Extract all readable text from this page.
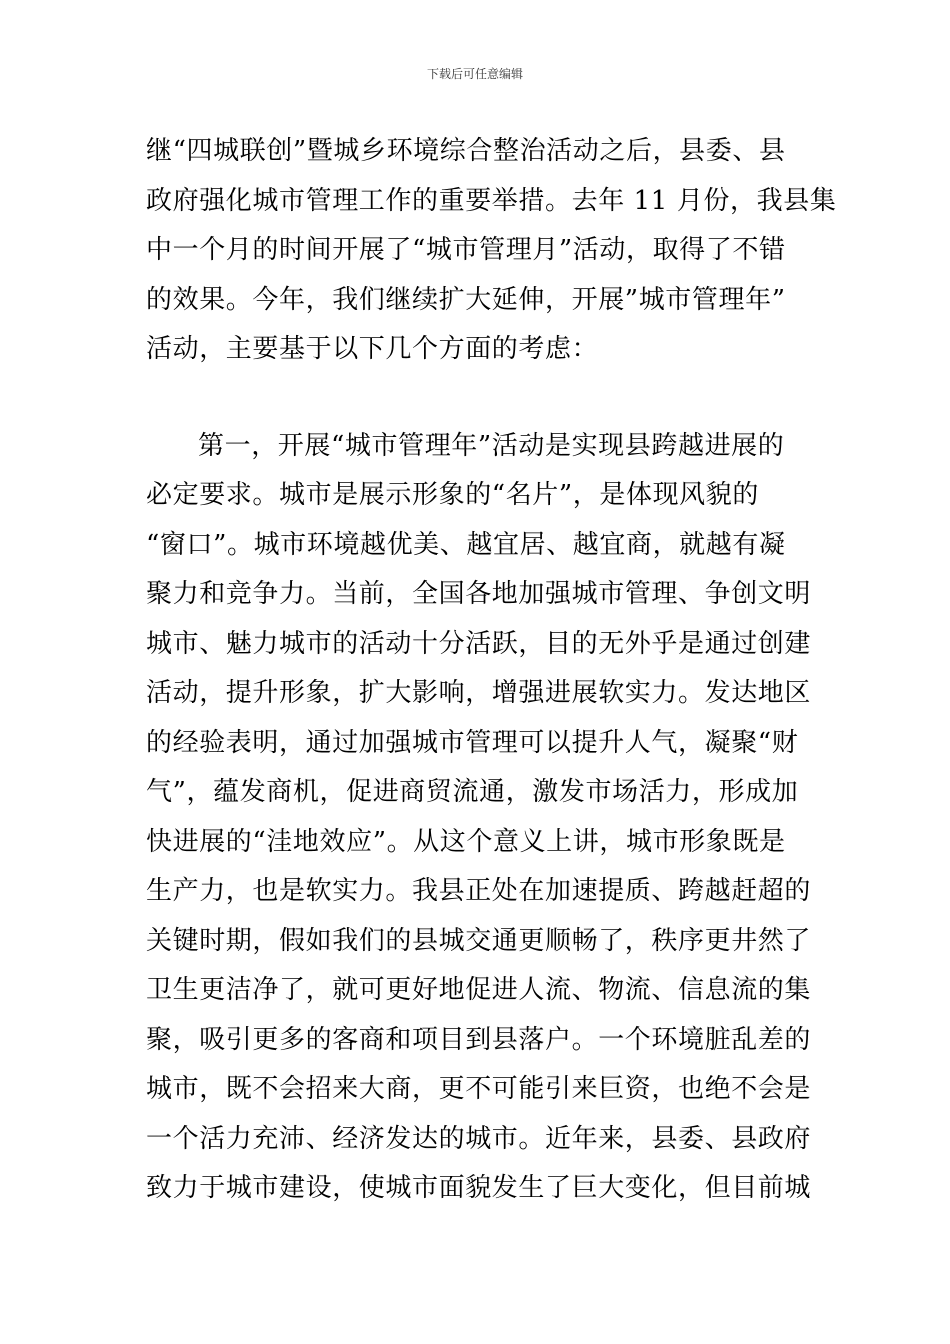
下载后可任意编辑
继“四城联创”暨城乡环境综合整治活动之后，县委、县
政府强化城市管理工作的重要举措。去年 11 月份，我县集
中一个月的时间开展了“城市管理月”活动，取得了不错
的效果。今年，我们继续扩大延伸，开展”城市管理年”
活动，主要基于以下几个方面的考虑：
第一，开展“城市管理年”活动是实现县跨越进展的
必定要求。城市是展示形象的“名片”，是体现风貌的
“窗口”。城市环境越优美、越宜居、越宜商，就越有凝
聚力和竞争力。当前，全国各地加强城市管理、争创文明
城市、魅力城市的活动十分活跃，目的无外乎是通过创建
活动，提升形象，扩大影响，增强进展软实力。发达地区
的经验表明，通过加强城市管理可以提升人气，凝聚“财
气”，蕴发商机，促进商贸流通，激发市场活力，形成加
快进展的“洼地效应”。从这个意义上讲，城市形象既是
生产力，也是软实力。我县正处在加速提质、跨越赶超的
关键时期，假如我们的县城交通更顺畅了，秩序更井然了
卫生更洁净了，就可更好地促进人流、物流、信息流的集
聚，吸引更多的客商和项目到县落户。一个环境脏乱差的
城市，既不会招来大商，更不可能引来巨资，也绝不会是
一个活力充沛、经济发达的城市。近年来，县委、县政府
致力于城市建设，使城市面貌发生了巨大变化，但目前城
